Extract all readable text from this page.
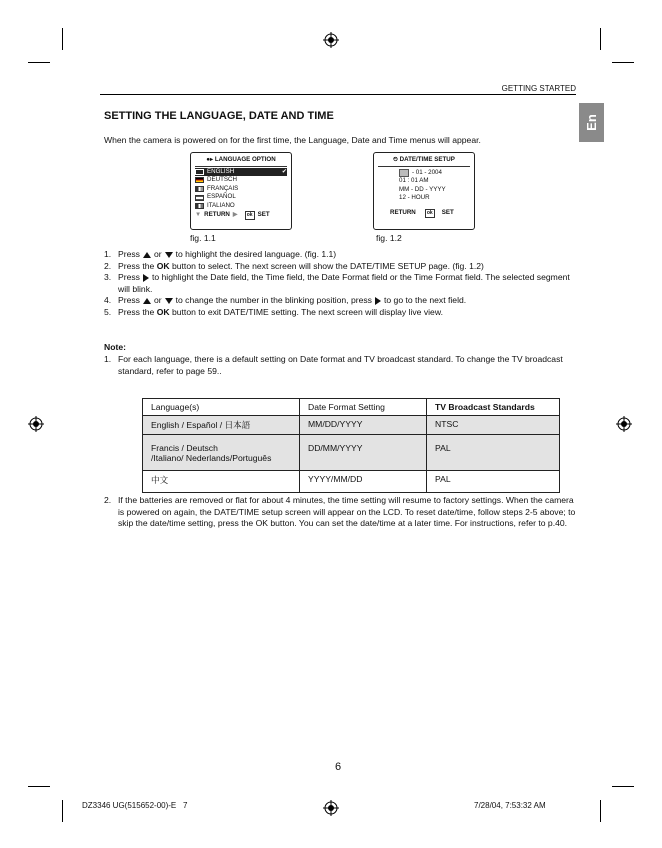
GETTING STARTED
En
SETTING THE LANGUAGE, DATE AND TIME
When the camera is powered on for the first time, the Language, Date and Time menus will appear.
●▸ LANGUAGE OPTION
ENGLISH	✔
DEUTSCH
FRANÇAIS
ESPAÑOL
ITALIANO
▼ RETURN ▶	ok SET
fig. 1.1
⏲ DATE/TIME SETUP
- 01 - 2004
01 : 01 AM
MM - DD - YYYY
12 - HOUR
RETURN	ok	SET
fig. 1.2
1. Press or to highlight the desired language. (fig. 1.1)
2. Press the OK button to select. The next screen will show the DATE/TIME SETUP page. (fig. 1.2)
3. Press to highlight the Date field, the Time field, the Date Format field or the Time Format field. The selected segment will blink.
4. Press or to change the number in the blinking position, press to go to the next field.
5. Press the OK button to exit DATE/TIME setting. The next screen will display live view.
Note:
1. For each language, there is a default setting on Date format and TV broadcast standard. To change the TV broadcast standard, refer to page 59..
Language(s)	Date Format Setting	TV Broadcast Standards
English / Español / 日本語	MM/DD/YYYY	NTSC
Francis / Deutsch
/Italiano/ Nederlands/Português	DD/MM/YYYY	PAL
中文	YYYY/MM/DD	PAL
2. If the batteries are removed or flat for about 4 minutes, the time setting will resume to factory settings. When the camera is powered on again, the DATE/TIME setup screen will appear on the LCD. To reset date/time, follow steps 2-5 above; to skip the date/time setting, press the OK button. You can set the date/time at a later time. For instructions, refer to p.40.
6
DZ3346 UG(515652-00)-E   7	7/28/04, 7:53:32 AM
